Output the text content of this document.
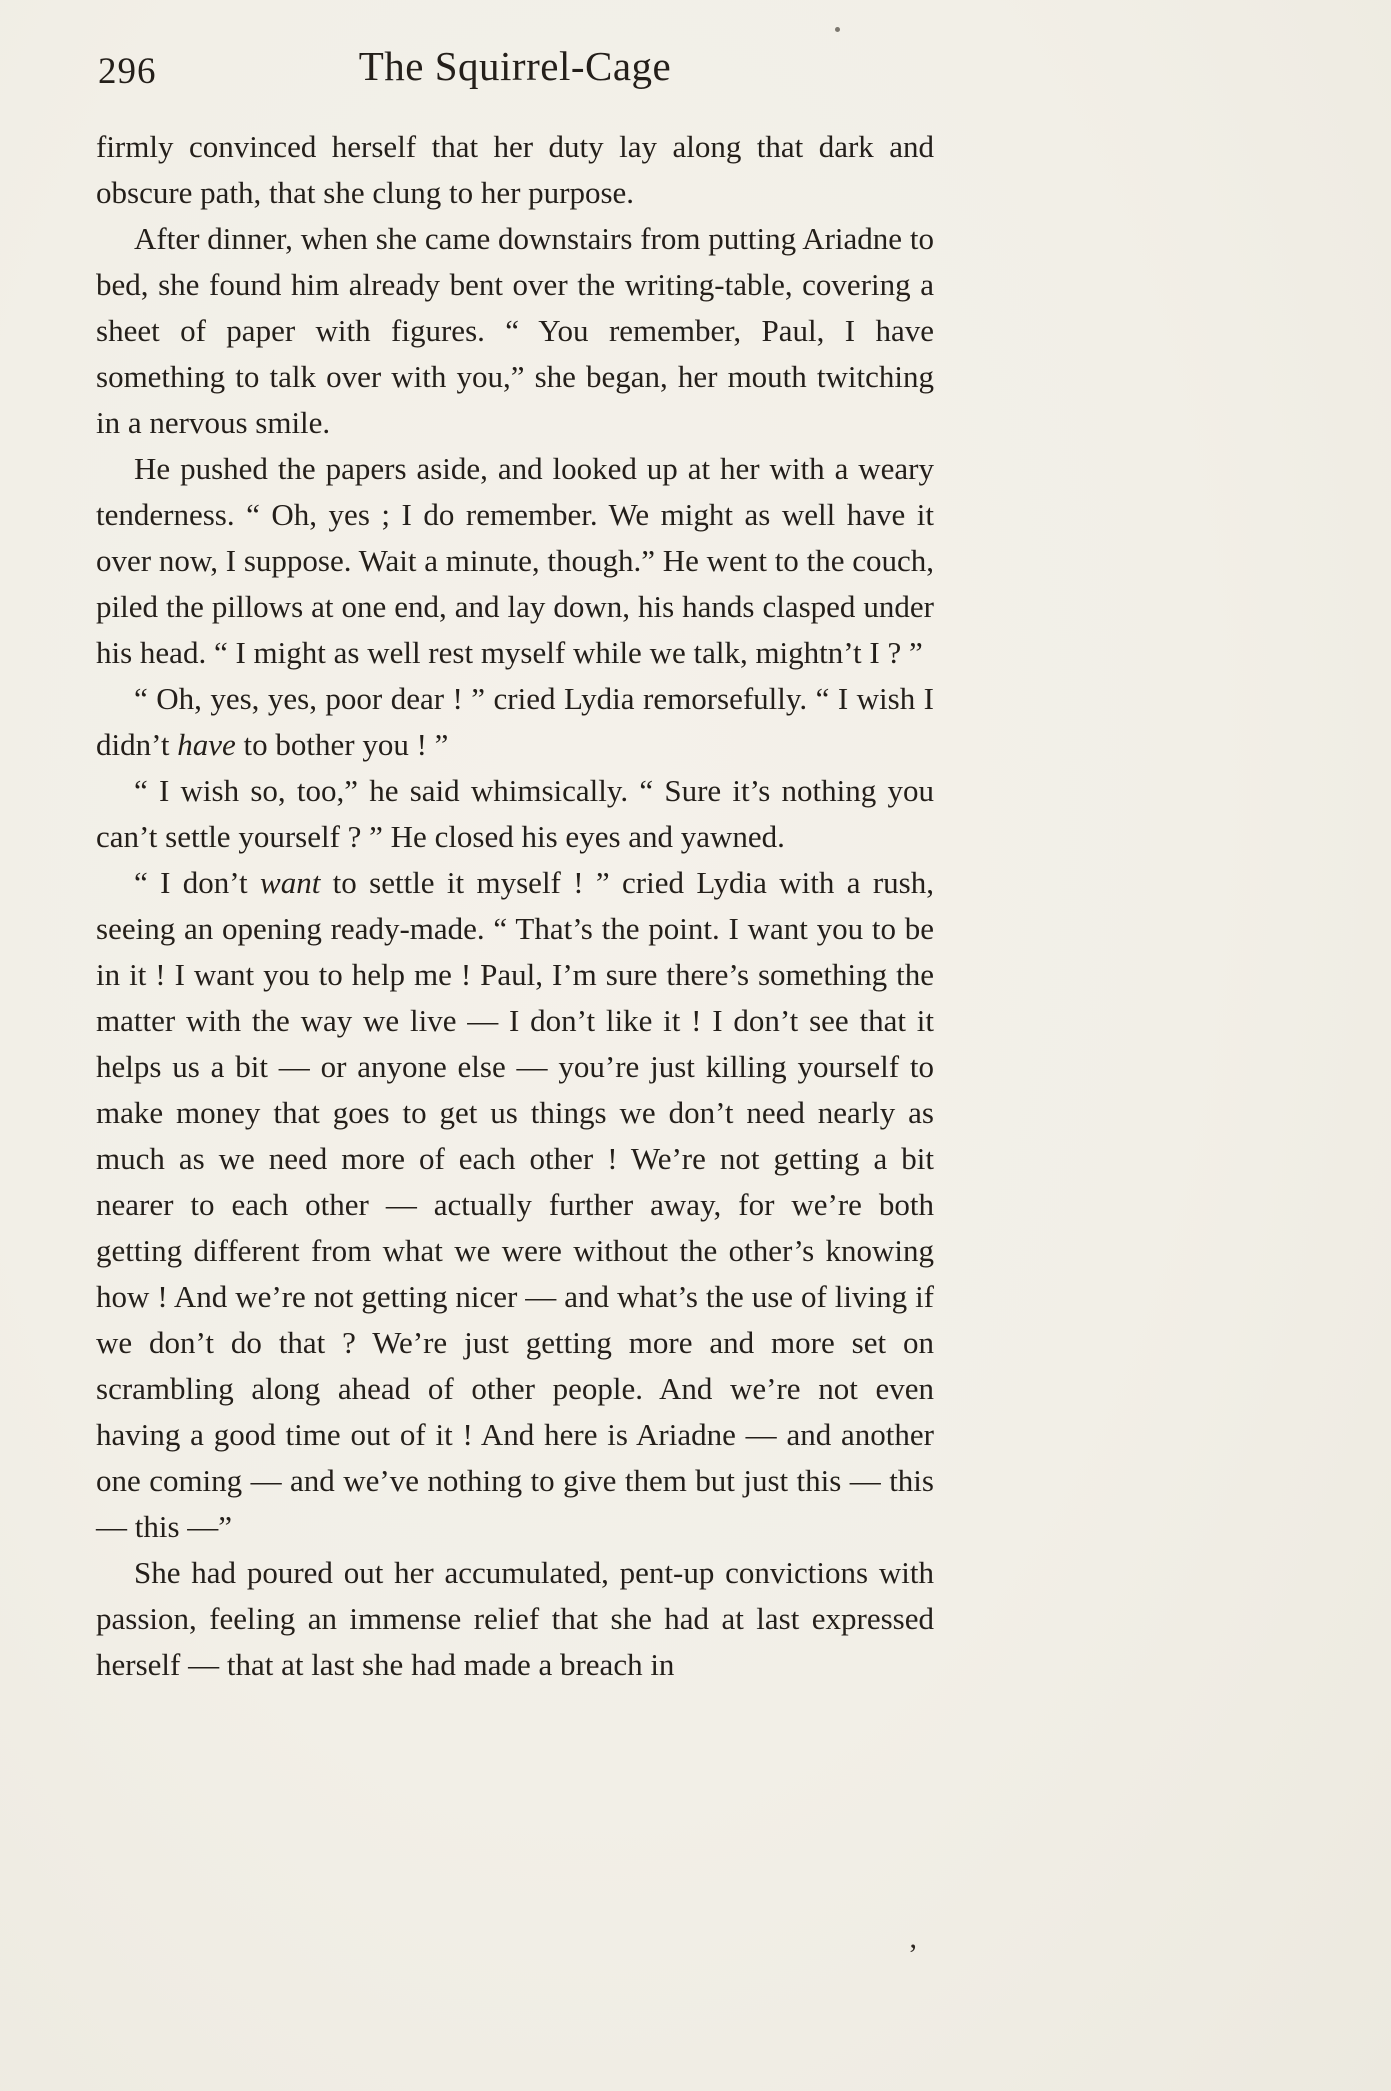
296	The Squirrel-Cage

firmly convinced herself that her duty lay along that dark and obscure path, that she clung to her purpose.

After dinner, when she came downstairs from putting Ariadne to bed, she found him already bent over the writing-table, covering a sheet of paper with figures. “ You remember, Paul, I have something to talk over with you,” she began, her mouth twitching in a nervous smile.

He pushed the papers aside, and looked up at her with a weary tenderness. “ Oh, yes ; I do remember. We might as well have it over now, I suppose. Wait a minute, though.” He went to the couch, piled the pillows at one end, and lay down, his hands clasped under his head. “ I might as well rest myself while we talk, mightn’t I ? ”

“ Oh, yes, yes, poor dear ! ” cried Lydia remorsefully. “ I wish I didn’t have to bother you ! ”

“ I wish so, too,” he said whimsically. “ Sure it’s nothing you can’t settle yourself ? ” He closed his eyes and yawned.

“ I don’t want to settle it myself ! ” cried Lydia with a rush, seeing an opening ready-made. “ That’s the point. I want you to be in it ! I want you to help me ! Paul, I’m sure there’s something the matter with the way we live — I don’t like it ! I don’t see that it helps us a bit — or anyone else — you’re just killing yourself to make money that goes to get us things we don’t need nearly as much as we need more of each other ! We’re not getting a bit nearer to each other — actually further away, for we’re both getting different from what we were without the other’s knowing how ! And we’re not getting nicer — and what’s the use of living if we don’t do that ? We’re just getting more and more set on scrambling along ahead of other people. And we’re not even having a good time out of it ! And here is Ariadne — and another one coming — and we’ve nothing to give them but just this — this — this —”

She had poured out her accumulated, pent-up convictions with passion, feeling an immense relief that she had at last expressed herself — that at last she had made a breach in

’
